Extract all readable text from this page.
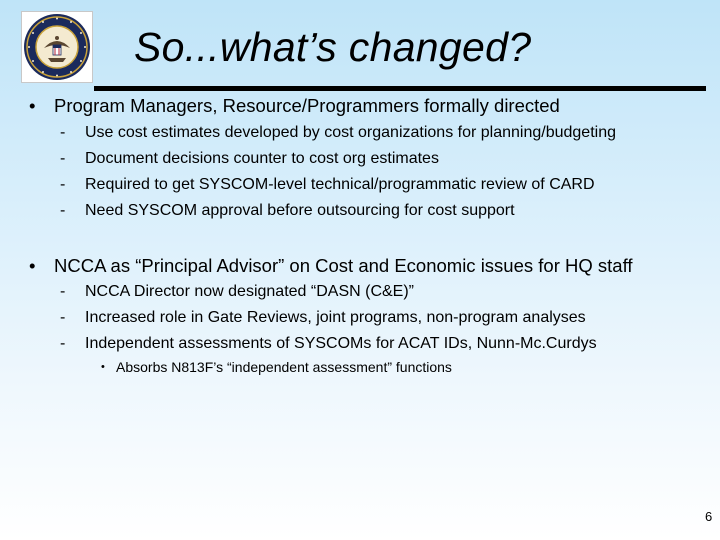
So...what’s changed?
• Program Managers, Resource/Programmers formally directed
- Use cost estimates developed by cost organizations for planning/budgeting
- Document decisions counter to cost org estimates
- Required to get SYSCOM-level technical/programmatic review of CARD
- Need SYSCOM approval before outsourcing for cost support
• NCCA as “Principal Advisor” on Cost and Economic issues for HQ staff
- NCCA Director now designated “DASN (C&E)”
- Increased role in Gate Reviews, joint programs, non-program analyses
- Independent assessments of SYSCOMs for ACAT IDs, Nunn-Mc.Curdys
• Absorbs N813F’s “independent assessment” functions
6
